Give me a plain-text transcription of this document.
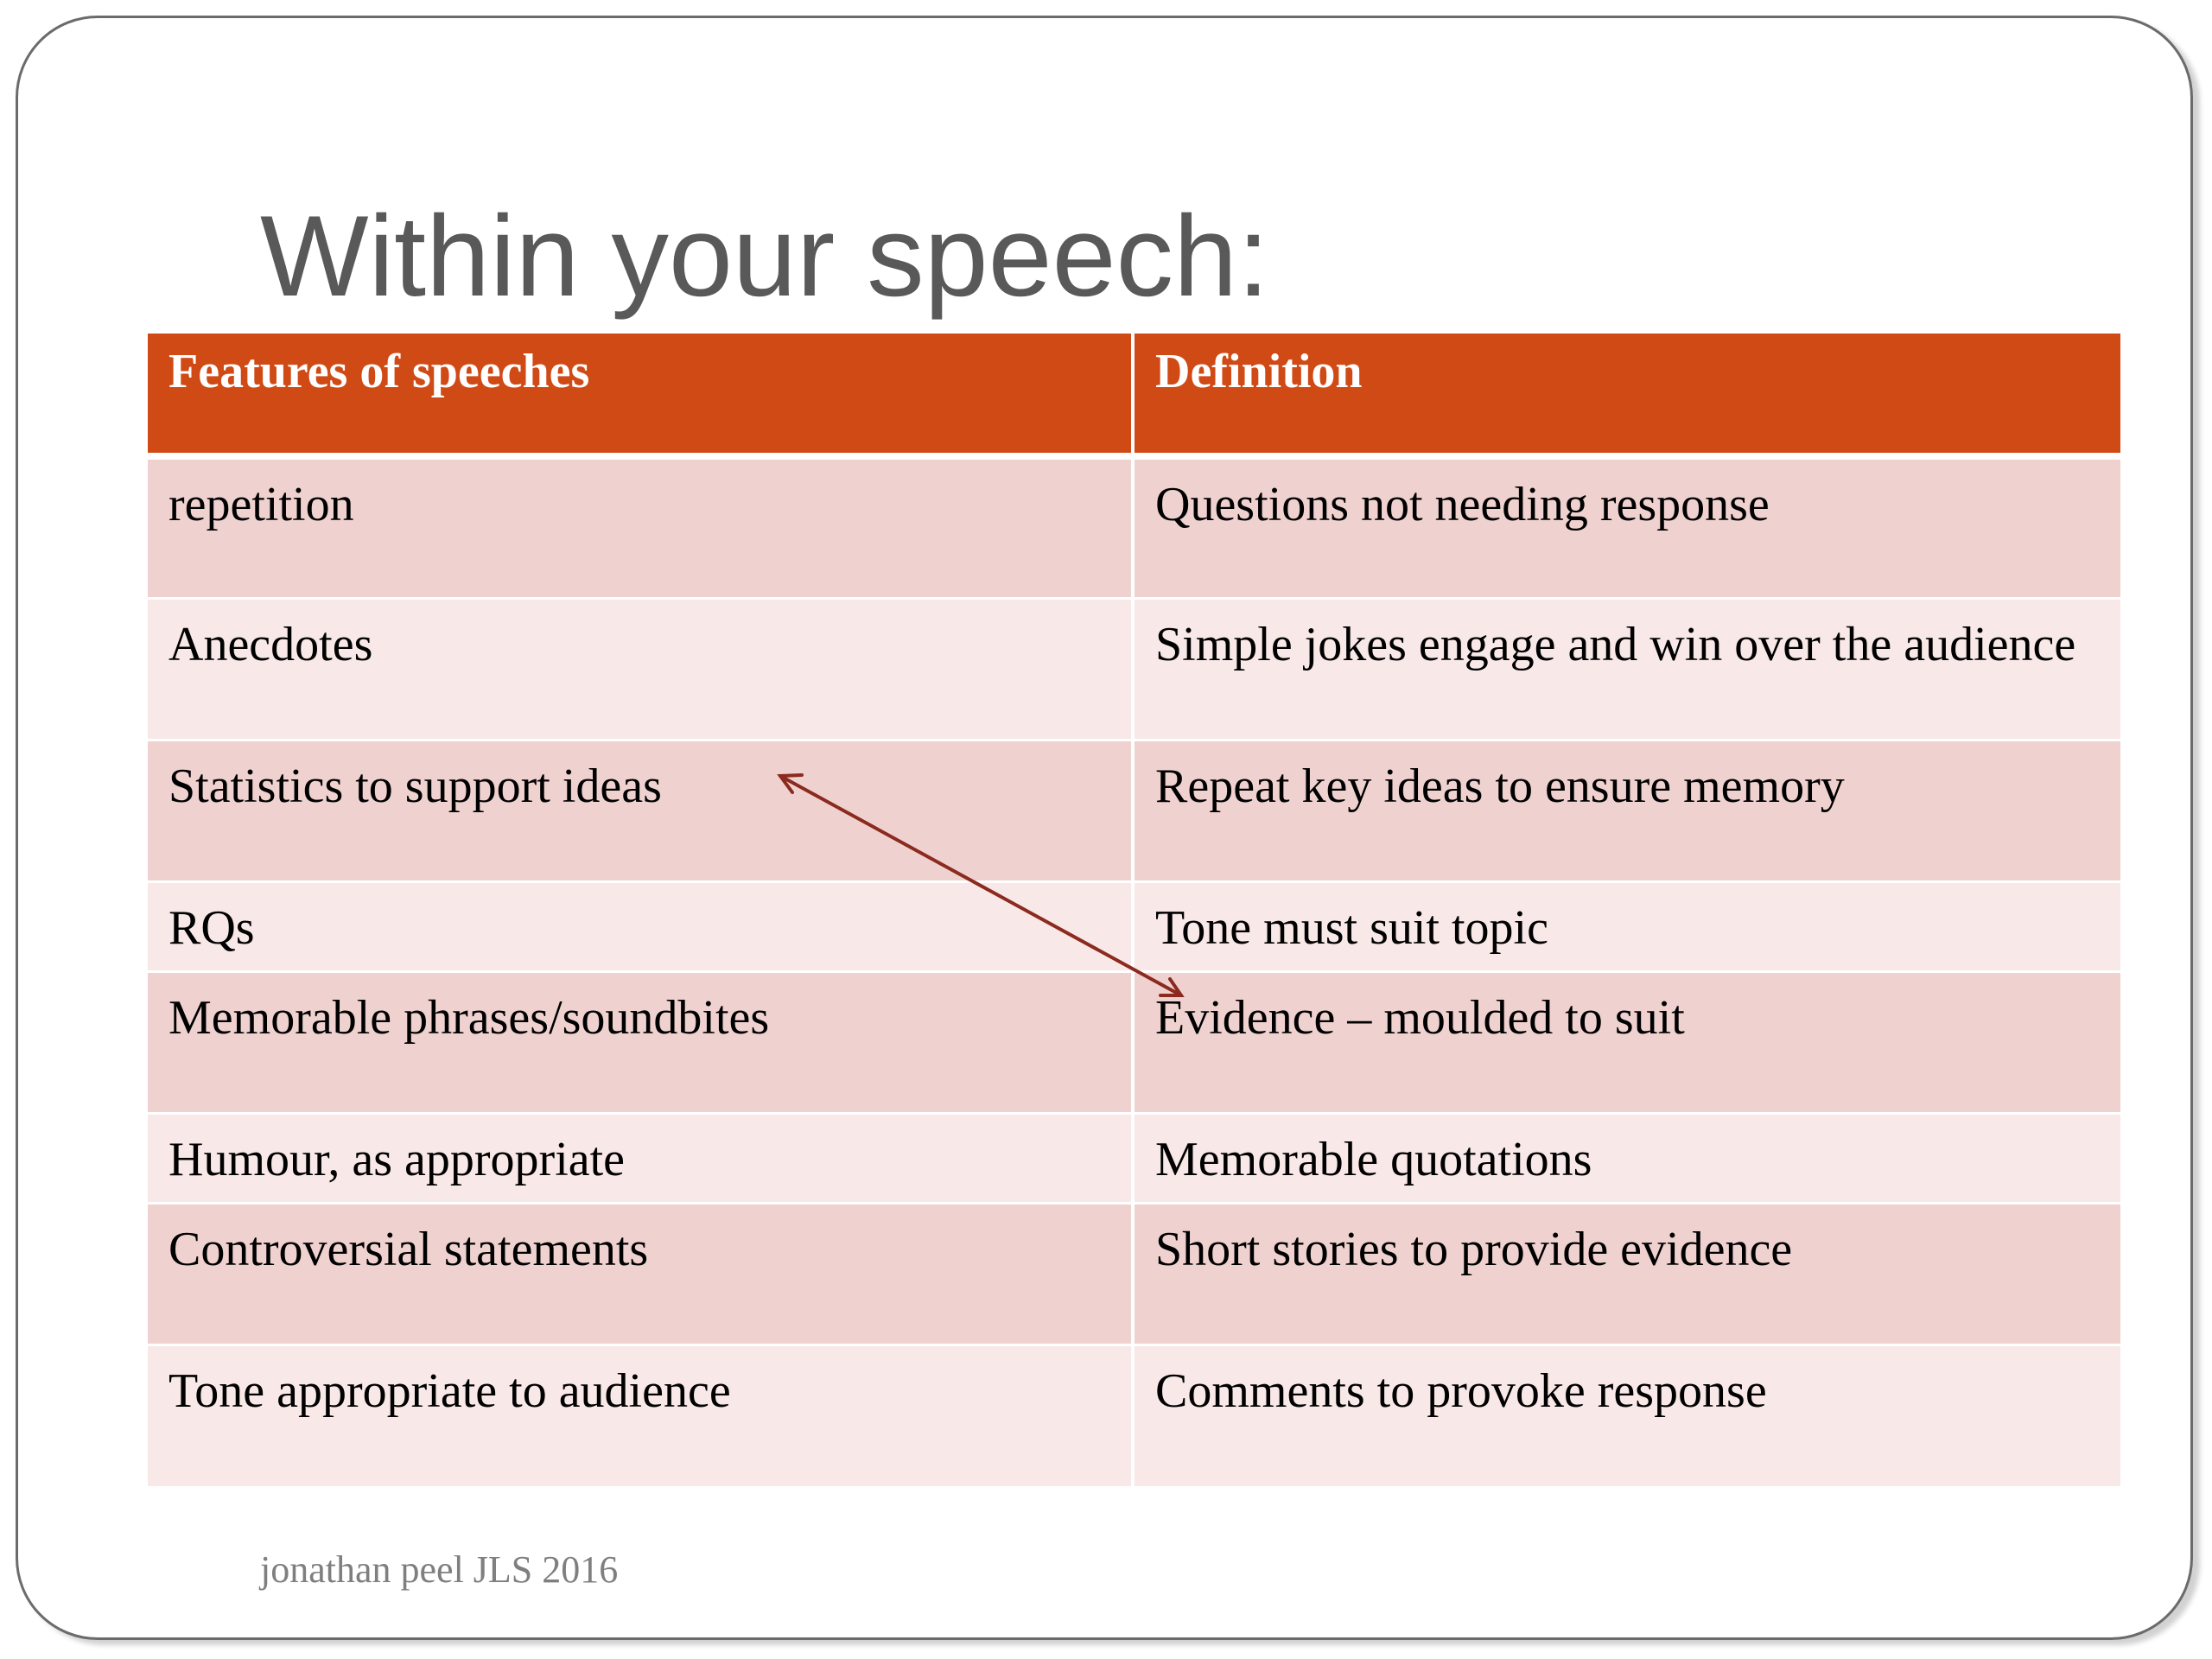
Within your speech:
Features of speeches	Definition
repetition	Questions not needing response
Anecdotes	Simple jokes engage and win over the audience
Statistics to support ideas	Repeat key ideas to ensure memory
RQs	Tone must suit topic
Memorable phrases/soundbites	Evidence – moulded to suit
Humour, as appropriate	Memorable quotations
Controversial statements	Short stories to provide evidence
Tone appropriate to audience	Comments to provoke response
jonathan peel JLS 2016
